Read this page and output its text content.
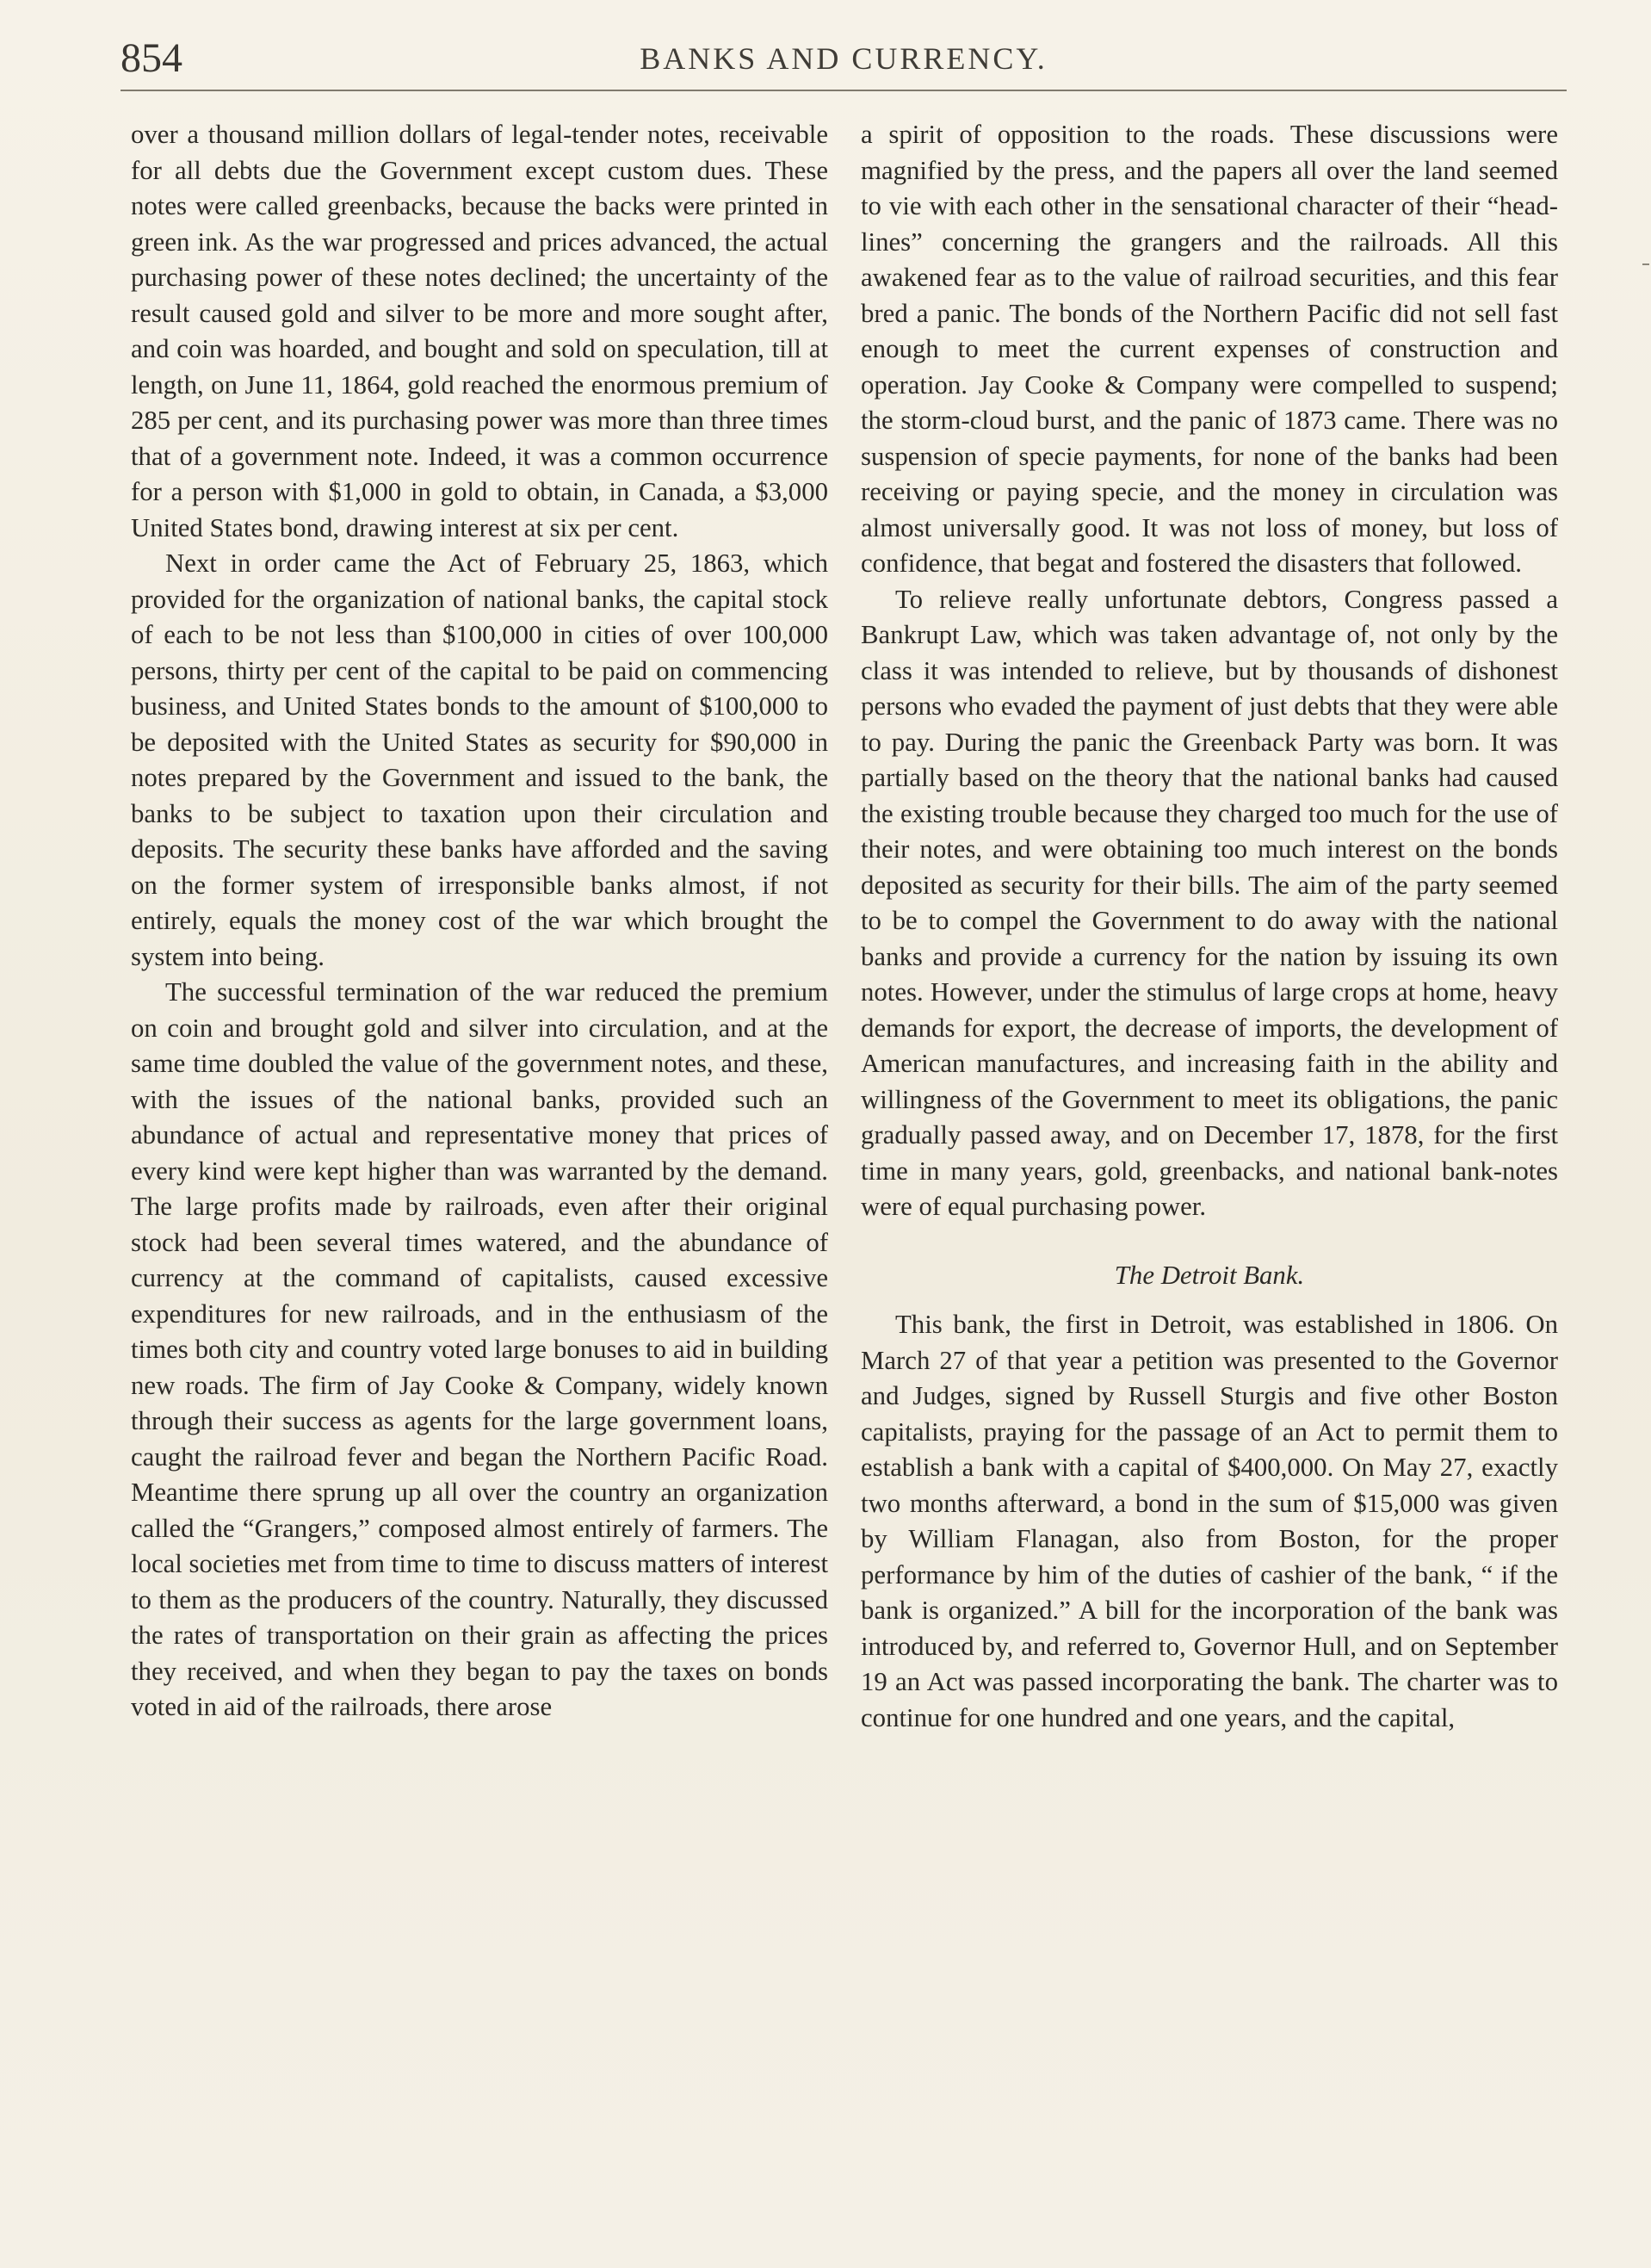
854	BANKS AND CURRENCY.

over a thousand million dollars of legal-tender notes, receivable for all debts due the Government except custom dues. These notes were called greenbacks, because the backs were printed in green ink. As the war progressed and prices advanced, the actual purchasing power of these notes declined; the uncertainty of the result caused gold and silver to be more and more sought after, and coin was hoarded, and bought and sold on speculation, till at length, on June 11, 1864, gold reached the enormous premium of 285 per cent, and its purchasing power was more than three times that of a government note. Indeed, it was a common occurrence for a person with $1,000 in gold to obtain, in Canada, a $3,000 United States bond, drawing interest at six per cent.

Next in order came the Act of February 25, 1863, which provided for the organization of national banks, the capital stock of each to be not less than $100,000 in cities of over 100,000 persons, thirty per cent of the capital to be paid on commencing business, and United States bonds to the amount of $100,000 to be deposited with the United States as security for $90,000 in notes prepared by the Government and issued to the bank, the banks to be subject to taxation upon their circulation and deposits. The security these banks have afforded and the saving on the former system of irresponsible banks almost, if not entirely, equals the money cost of the war which brought the system into being.

The successful termination of the war reduced the premium on coin and brought gold and silver into circulation, and at the same time doubled the value of the government notes, and these, with the issues of the national banks, provided such an abundance of actual and representative money that prices of every kind were kept higher than was warranted by the demand. The large profits made by railroads, even after their original stock had been several times watered, and the abundance of currency at the command of capitalists, caused excessive expenditures for new railroads, and in the enthusiasm of the times both city and country voted large bonuses to aid in building new roads. The firm of Jay Cooke & Company, widely known through their success as agents for the large government loans, caught the railroad fever and began the Northern Pacific Road. Meantime there sprung up all over the country an organization called the “Grangers,” composed almost entirely of farmers. The local societies met from time to time to discuss matters of interest to them as the producers of the country. Naturally, they discussed the rates of transportation on their grain as affecting the prices they received, and when they began to pay the taxes on bonds voted in aid of the railroads, there arose

a spirit of opposition to the roads. These discussions were magnified by the press, and the papers all over the land seemed to vie with each other in the sensational character of their “head-lines” concerning the grangers and the railroads. All this awakened fear as to the value of railroad securities, and this fear bred a panic. The bonds of the Northern Pacific did not sell fast enough to meet the current expenses of construction and operation. Jay Cooke & Company were compelled to suspend; the storm-cloud burst, and the panic of 1873 came. There was no suspension of specie payments, for none of the banks had been receiving or paying specie, and the money in circulation was almost universally good. It was not loss of money, but loss of confidence, that begat and fostered the disasters that followed.

To relieve really unfortunate debtors, Congress passed a Bankrupt Law, which was taken advantage of, not only by the class it was intended to relieve, but by thousands of dishonest persons who evaded the payment of just debts that they were able to pay. During the panic the Greenback Party was born. It was partially based on the theory that the national banks had caused the existing trouble because they charged too much for the use of their notes, and were obtaining too much interest on the bonds deposited as security for their bills. The aim of the party seemed to be to compel the Government to do away with the national banks and provide a currency for the nation by issuing its own notes. However, under the stimulus of large crops at home, heavy demands for export, the decrease of imports, the development of American manufactures, and increasing faith in the ability and willingness of the Government to meet its obligations, the panic gradually passed away, and on December 17, 1878, for the first time in many years, gold, greenbacks, and national bank-notes were of equal purchasing power.

The Detroit Bank.

This bank, the first in Detroit, was established in 1806. On March 27 of that year a petition was presented to the Governor and Judges, signed by Russell Sturgis and five other Boston capitalists, praying for the passage of an Act to permit them to establish a bank with a capital of $400,000. On May 27, exactly two months afterward, a bond in the sum of $15,000 was given by William Flanagan, also from Boston, for the proper performance by him of the duties of cashier of the bank, “ if the bank is organized.” A bill for the incorporation of the bank was introduced by, and referred to, Governor Hull, and on September 19 an Act was passed incorporating the bank. The charter was to continue for one hundred and one years, and the capital,
